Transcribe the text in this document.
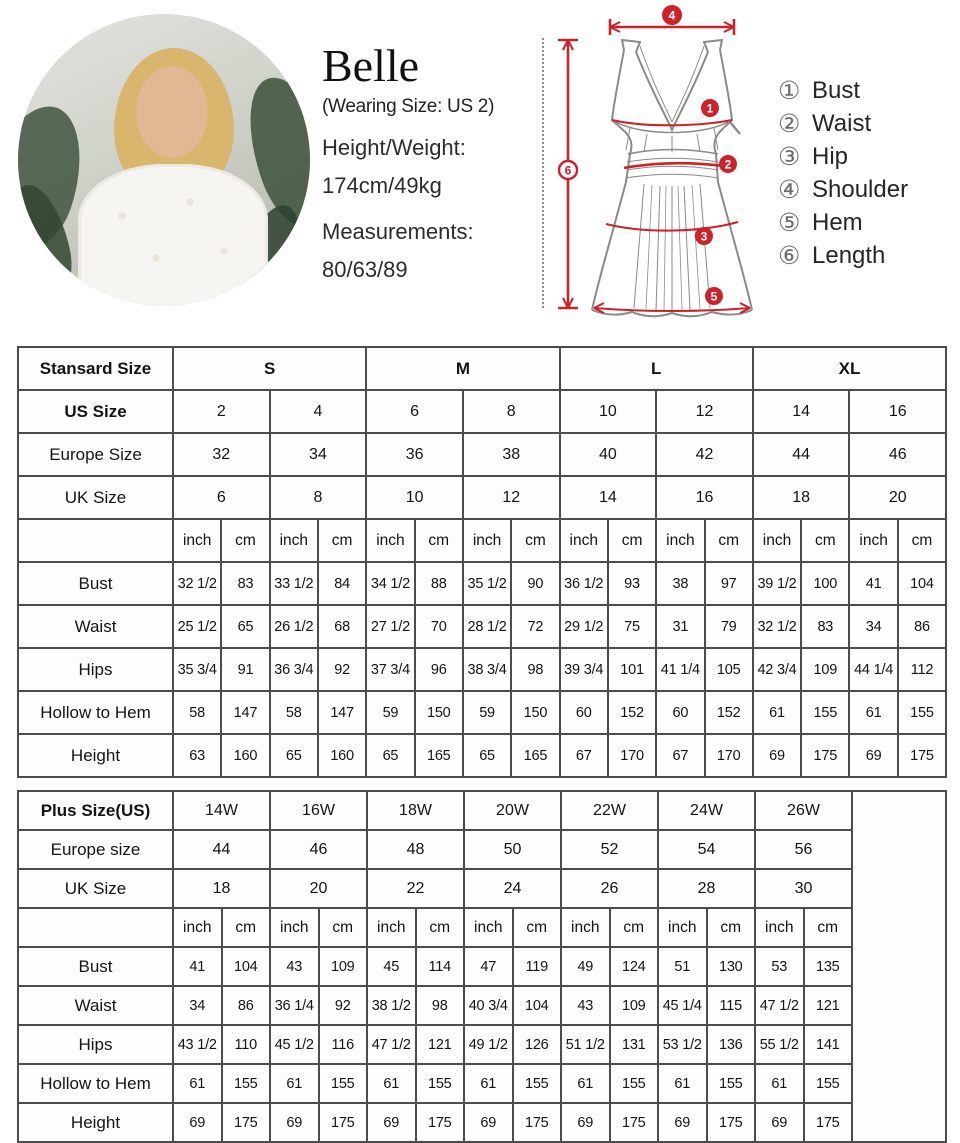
Belle
(Wearing Size: US 2)
Height/Weight:
174cm/49kg
Measurements:
80/63/89
4
1
2
3
5
6
① Bust
② Waist
③ Hip
④ Shoulder
⑤ Hem
⑥ Length
Stansard Size	S				M				L				XL			
US Size	2		4		6		8		10		12		14		16	
Europe Size	32		34		36		38		40		42		44		46	
UK Size	6		8		10		12		14		16		18		20	
	inch	cm	inch	cm	inch	cm	inch	cm	inch	cm	inch	cm	inch	cm	inch	cm
Bust	32 1/2	83	33 1/2	84	34 1/2	88	35 1/2	90	36 1/2	93	38	97	39 1/2	100	41	104
Waist	25 1/2	65	26 1/2	68	27 1/2	70	28 1/2	72	29 1/2	75	31	79	32 1/2	83	34	86
Hips	35 3/4	91	36 3/4	92	37 3/4	96	38 3/4	98	39 3/4	101	41 1/4	105	42 3/4	109	44 1/4	112
Hollow to Hem	58	147	58	147	59	150	59	150	60	152	60	152	61	155	61	155
Height	63	160	65	160	65	165	65	165	67	170	67	170	69	175	69	175
Plus Size(US)	14W		16W		18W		20W		22W		24W		26W		
Europe size	44		46		48		50		52		54		56		
UK Size	18		20		22		24		26		28		30		
	inch	cm	inch	cm	inch	cm	inch	cm	inch	cm	inch	cm	inch	cm	
Bust	41	104	43	109	45	114	47	119	49	124	51	130	53	135	
Waist	34	86	36 1/4	92	38 1/2	98	40 3/4	104	43	109	45 1/4	115	47 1/2	121	
Hips	43 1/2	110	45 1/2	116	47 1/2	121	49 1/2	126	51 1/2	131	53 1/2	136	55 1/2	141	
Hollow to Hem	61	155	61	155	61	155	61	155	61	155	61	155	61	155	
Height	69	175	69	175	69	175	69	175	69	175	69	175	69	175	
